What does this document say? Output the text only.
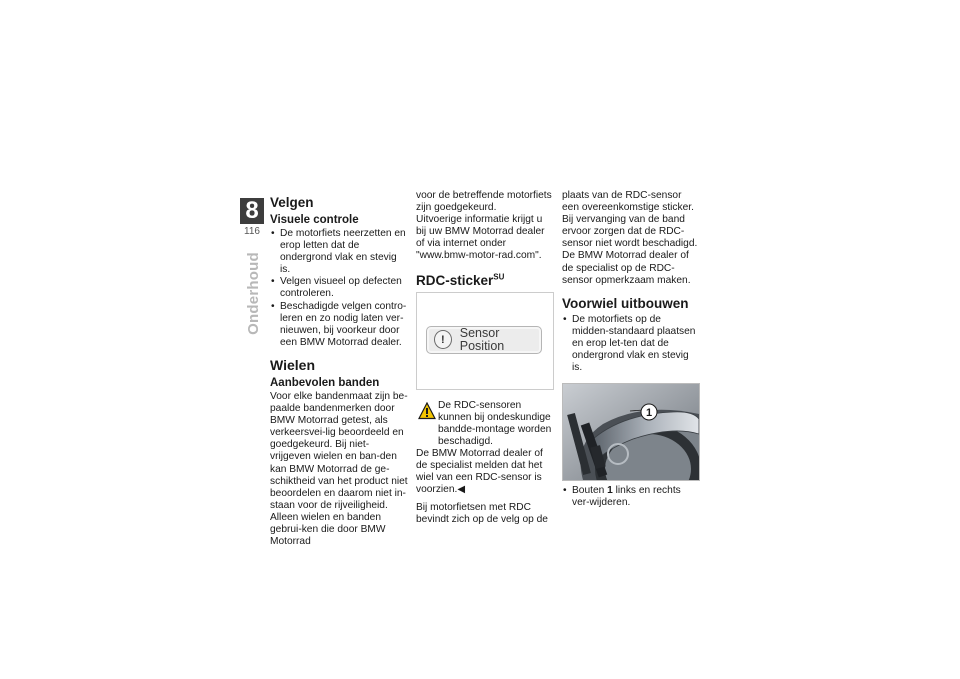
8
116
Onderhoud
Velgen
Visuele controle
• De motorfiets neerzetten en erop letten dat de ondergrond vlak en stevig is.
• Velgen visueel op defecten controleren.
• Beschadigde velgen contro-leren en zo nodig laten ver-nieuwen, bij voorkeur door een BMW Motorrad dealer.
Wielen
Aanbevolen banden

Voor elke bandenmaat zijn be-paalde bandenmerken door BMW Motorrad getest, als verkeersvei-lig beoordeeld en goedgekeurd. Bij niet-vrijgeven wielen en ban-den kan BMW Motorrad de ge-schiktheid van het product niet beoordelen en daarom niet in-staan voor de rijveiligheid.

Alleen wielen en banden gebrui-ken die door BMW Motorrad

voor de betreffende motorfiets zijn goedgekeurd.

Uitvoerige informatie krijgt u bij uw BMW Motorrad dealer of via internet onder "www.bmw-motor-rad.com".

RDC-sticker$^{SU}$
!	Sensor Position

De RDC-sensoren kunnen bij ondeskundige bandde-montage worden beschadigd.

De BMW Motorrad dealer of de specialist melden dat het wiel van een RDC-sensor is voorzien.◀

Bij motorfietsen met RDC bevindt zich op de velg op de

plaats van de RDC-sensor een overeenkomstige sticker. Bij vervanging van de band ervoor zorgen dat de RDC-sensor niet wordt beschadigd. De BMW Motorrad dealer of de specialist op de RDC-sensor opmerkzaam maken.

Voorwiel uitbouwen
• De motorfiets op de midden-standaard plaatsen en erop let-ten dat de ondergrond vlak en stevig is.
1
• Bouten 1 links en rechts ver-wijderen.
